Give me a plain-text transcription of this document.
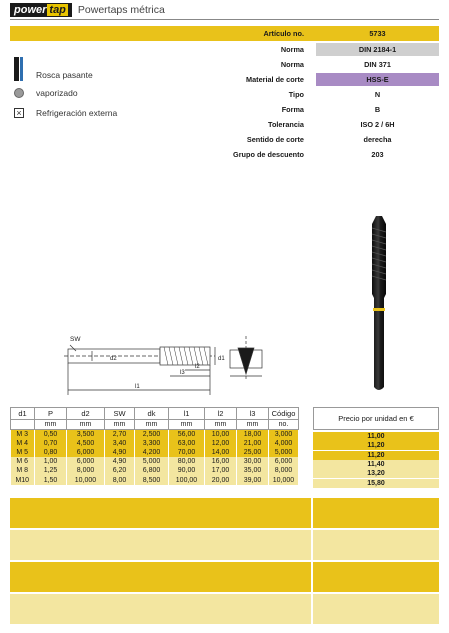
power tap Powertaps métrica
Artículo no.	5733
Norma	DIN 2184-1
Norma	DIN 371
Material de corte	HSS-E
Tipo	N
Forma	B
Tolerancia	ISO 2 / 6H
Sentido de corte	derecha
Grupo de descuento	203
Rosca pasante
vaporizado
× Refrigeración externa
SW
d2	d1
l1
l2
l3
d1	P	d2	SW	dk	l1	l2	l3	Código
	mm	mm	mm	mm	mm	mm	mm	no.
M 3	0,50	3,500	2,70	2,500	56,00	10,00	18,00	3,000
M 4	0,70	4,500	3,40	3,300	63,00	12,00	21,00	4,000
M 5	0,80	6,000	4,90	4,200	70,00	14,00	25,00	5,000
M 6	1,00	6,000	4,90	5,000	80,00	16,00	30,00	6,000
M 8	1,25	8,000	6,20	6,800	90,00	17,00	35,00	8,000
M10	1,50	10,000	8,00	8,500	100,00	20,00	39,00	10,000
Precio por unidad en €
11,00
11,20
11,20
11,40
13,20
15,80
